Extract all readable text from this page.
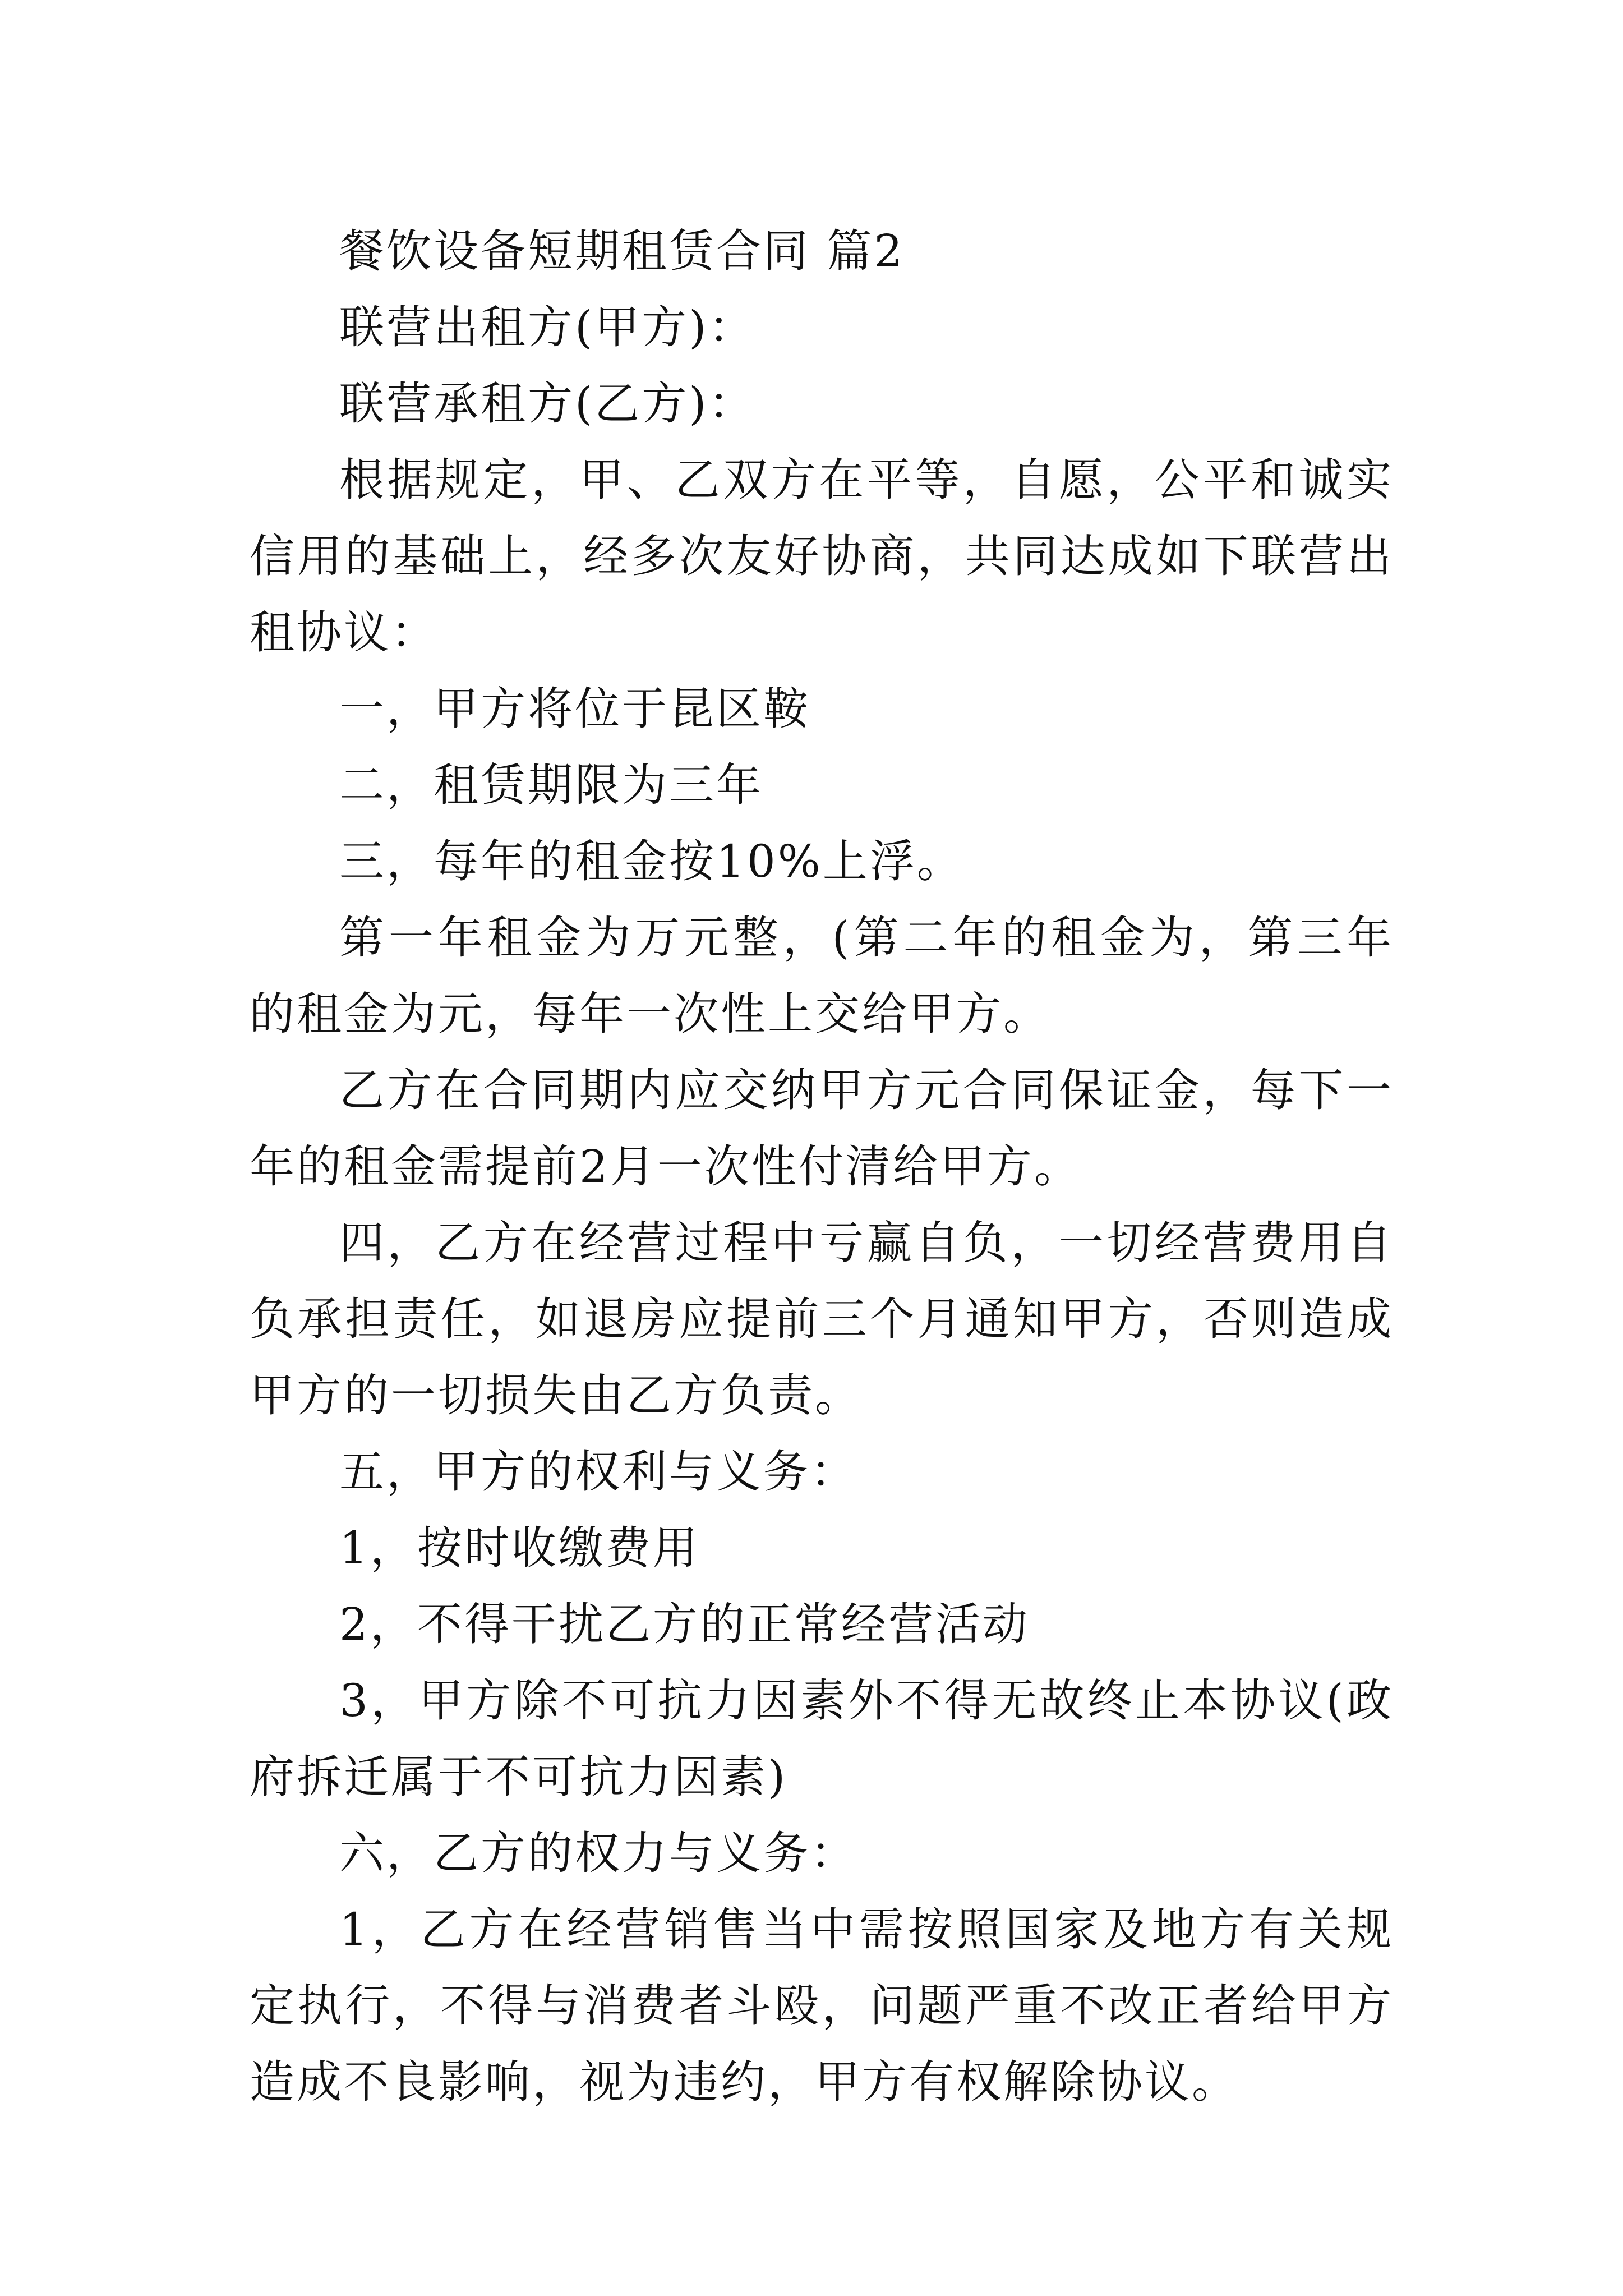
餐饮设备短期租赁合同 篇2

联营出租方(甲方)：

联营承租方(乙方)：

根据规定，甲、乙双方在平等，自愿，公平和诚实信用的基础上，经多次友好协商，共同达成如下联营出租协议：

一，甲方将位于昆区鞍

二，租赁期限为三年

三，每年的租金按10%上浮。

第一年租金为万元整，(第二年的租金为，第三年的租金为元，每年一次性上交给甲方。

乙方在合同期内应交纳甲方元合同保证金，每下一年的租金需提前2月一次性付清给甲方。

四，乙方在经营过程中亏赢自负，一切经营费用自负承担责任，如退房应提前三个月通知甲方，否则造成甲方的一切损失由乙方负责。

五，甲方的权利与义务：

1，按时收缴费用

2，不得干扰乙方的正常经营活动

3，甲方除不可抗力因素外不得无故终止本协议(政府拆迁属于不可抗力因素)

六，乙方的权力与义务：

1，乙方在经营销售当中需按照国家及地方有关规定执行，不得与消费者斗殴，问题严重不改正者给甲方造成不良影响，视为违约，甲方有权解除协议。
